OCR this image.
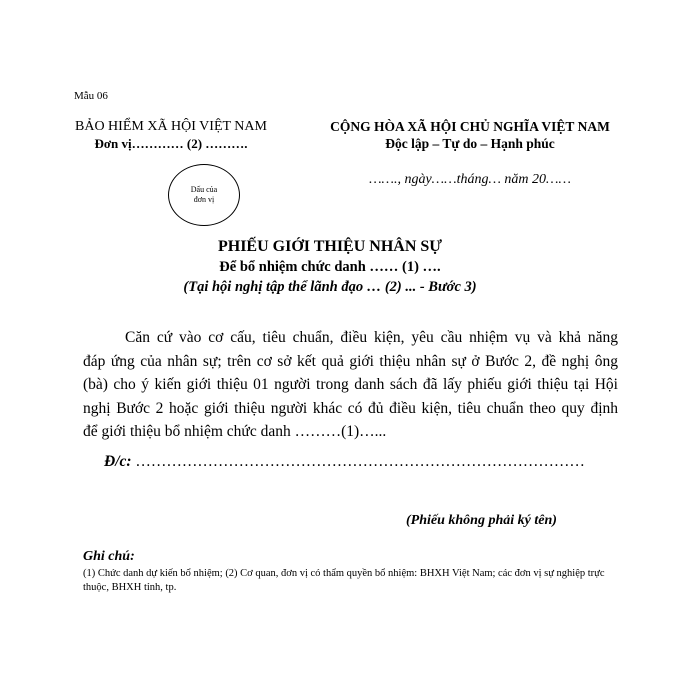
Mẫu 06
BẢO HIỂM XÃ HỘI VIỆT NAM
Đơn vị………… (2) ……….
Dấu của
đơn vị
CỘNG HÒA XÃ HỘI CHỦ NGHĨA VIỆT NAM
Độc lập – Tự do – Hạnh phúc
……., ngày……tháng… năm 20……
PHIẾU GIỚI THIỆU NHÂN SỰ
Để bổ nhiệm chức danh …… (1) ….
(Tại hội nghị tập thể lãnh đạo … (2) ... - Bước 3)
Căn cứ vào cơ cấu, tiêu chuẩn, điều kiện, yêu cầu nhiệm vụ và khả năng
đáp ứng của nhân sự; trên cơ sở kết quả giới thiệu nhân sự ở Bước 2, đề nghị ông
(bà) cho ý kiến giới thiệu 01 người trong danh sách đã lấy phiếu giới thiệu tại Hội
nghị Bước 2 hoặc giới thiệu người khác có đủ điều kiện, tiêu chuẩn theo quy định
để giới thiệu bổ nhiệm chức danh ………(1)…...
Đ/c: ……………………………………………………………………………
(Phiếu không phải ký tên)
Ghi chú:
(1) Chức danh dự kiến bổ nhiệm; (2) Cơ quan, đơn vị có thẩm quyền bổ nhiệm: BHXH Việt Nam; các đơn vị sự nghiệp trực thuộc, BHXH tỉnh, tp.
